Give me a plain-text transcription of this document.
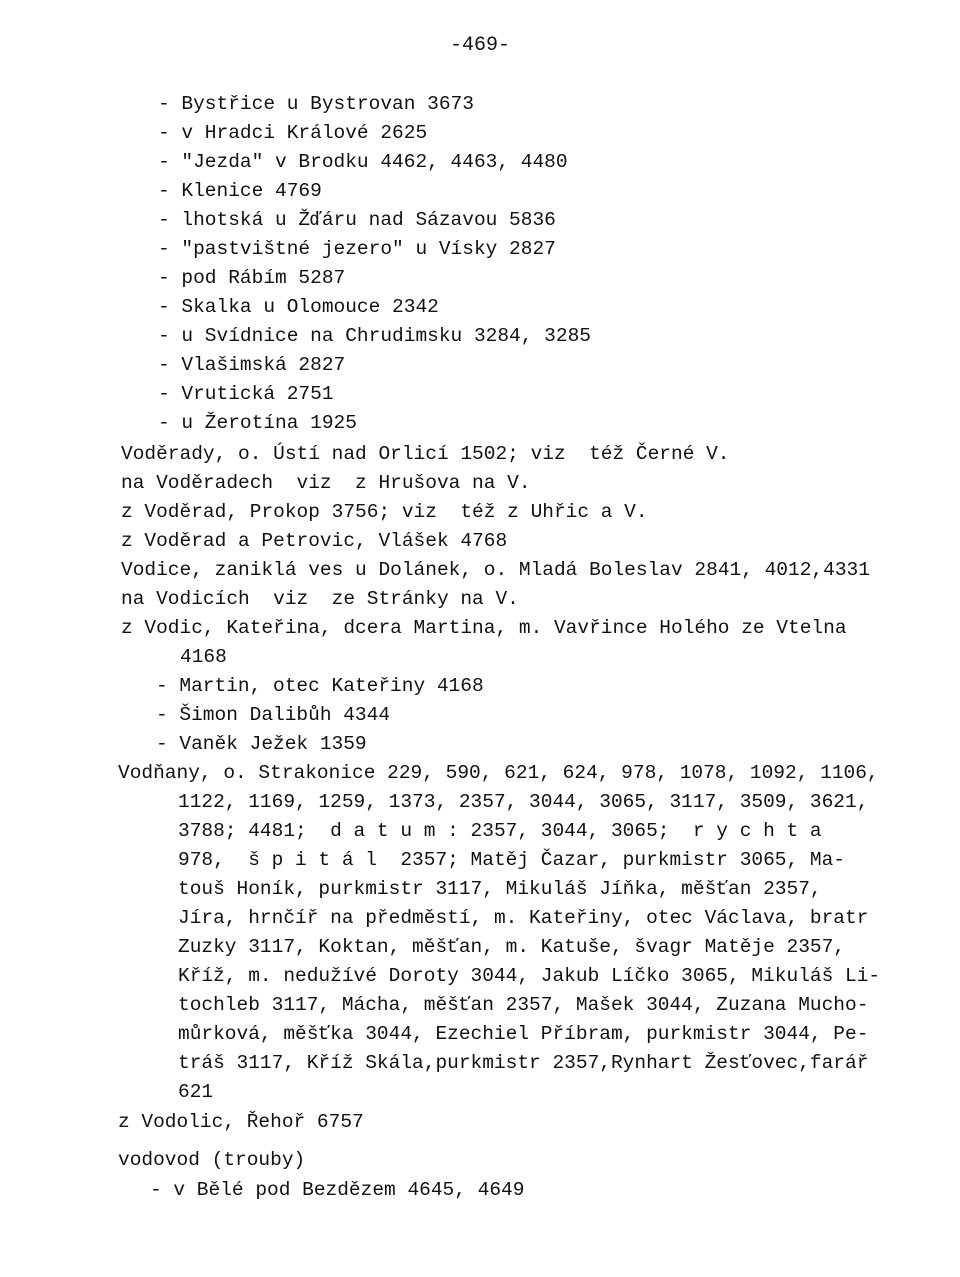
-469-
- Bystřice u Bystrovan 3673
- v Hradci Králové 2625
- "Jezda" v Brodku 4462, 4463, 4480
- Klenice 4769
- lhotská u Žďáru nad Sázavou 5836
- "pastvištné jezero" u Vísky 2827
- pod Rábím 5287
- Skalka u Olomouce 2342
- u Svídnice na Chrudimsku 3284, 3285
- Vlašimská 2827
- Vrutická 2751
- u Žerotína 1925
Voděrady, o. Ústí nad Orlicí 1502; viz  též Černé V.
na Voděradech  viz  z Hrušova na V.
z Voděrad, Prokop 3756; viz  též z Uhřic a V.
z Voděrad a Petrovic, Vlášek 4768
Vodice, zaniklá ves u Dolánek, o. Mladá Boleslav 2841, 4012,4331
na Vodicích  viz  ze Stránky na V.
z Vodic, Kateřina, dcera Martina, m. Vavřince Holého ze Vtelna
4168
- Martin, otec Kateřiny 4168
- Šimon Dalibůh 4344
- Vaněk Ježek 1359
Vodňany, o. Strakonice 229, 590, 621, 624, 978, 1078, 1092, 1106,
1122, 1169, 1259, 1373, 2357, 3044, 3065, 3117, 3509, 3621,
3788; 4481;  d a t u m : 2357, 3044, 3065;  r y c h t a
978,  š p i t á l  2357; Matěj Čazar, purkmistr 3065, Ma-
touš Honík, purkmistr 3117, Mikuláš Jíňka, měšťan 2357,
Jíra, hrnčíř na předměstí, m. Kateřiny, otec Václava, bratr
Zuzky 3117, Koktan, měšťan, m. Katuše, švagr Matěje 2357,
Kříž, m. nedužívé Doroty 3044, Jakub Líčko 3065, Mikuláš Li-
tochleb 3117, Mácha, měšťan 2357, Mašek 3044, Zuzana Mucho-
můrková, měšťka 3044, Ezechiel Příbram, purkmistr 3044, Pe-
tráš 3117, Kříž Skála,purkmistr 2357,Rynhart Žesťovec,farář
621
z Vodolic, Řehoř 6757
vodovod (trouby)
- v Bělé pod Bezdězem 4645, 4649
